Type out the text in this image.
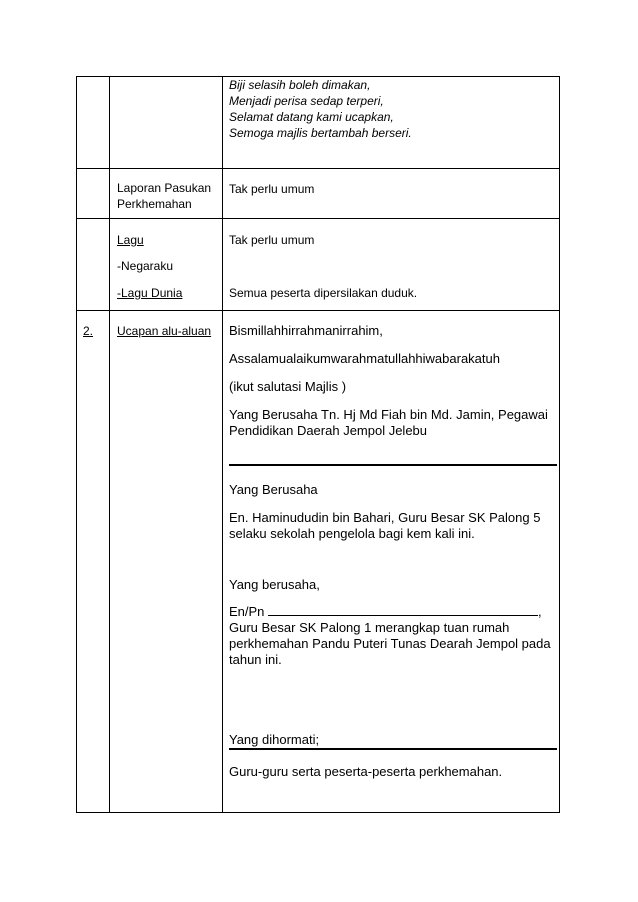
Biji selasih boleh dimakan,
Menjadi perisa sedap terperi,
Selamat datang kami ucapkan,
Semoga majlis bertambah berseri.
Laporan Pasukan
Perkhemahan
Tak perlu umum
Lagu
-Negaraku
-Lagu Dunia
Tak perlu umum
Semua peserta dipersilakan duduk.
2. Ucapan alu-aluan Bismillahhirrahmanirrahim,
Assalamualaikumwarahmatullahhiwabarakatuh
(ikut salutasi Majlis )
Yang Berusaha Tn. Hj Md Fiah bin Md. Jamin, Pegawai
Pendidikan Daerah Jempol Jelebu
Yang Berusaha
En. Haminududin bin Bahari, Guru Besar SK Palong 5
selaku sekolah pengelola bagi kem kali ini.
Yang berusaha,
En/Pn	,
Guru Besar SK Palong 1 merangkap tuan rumah
perkhemahan Pandu Puteri Tunas Dearah Jempol pada
tahun ini.
Yang dihormati;
Guru-guru serta peserta-peserta perkhemahan.
